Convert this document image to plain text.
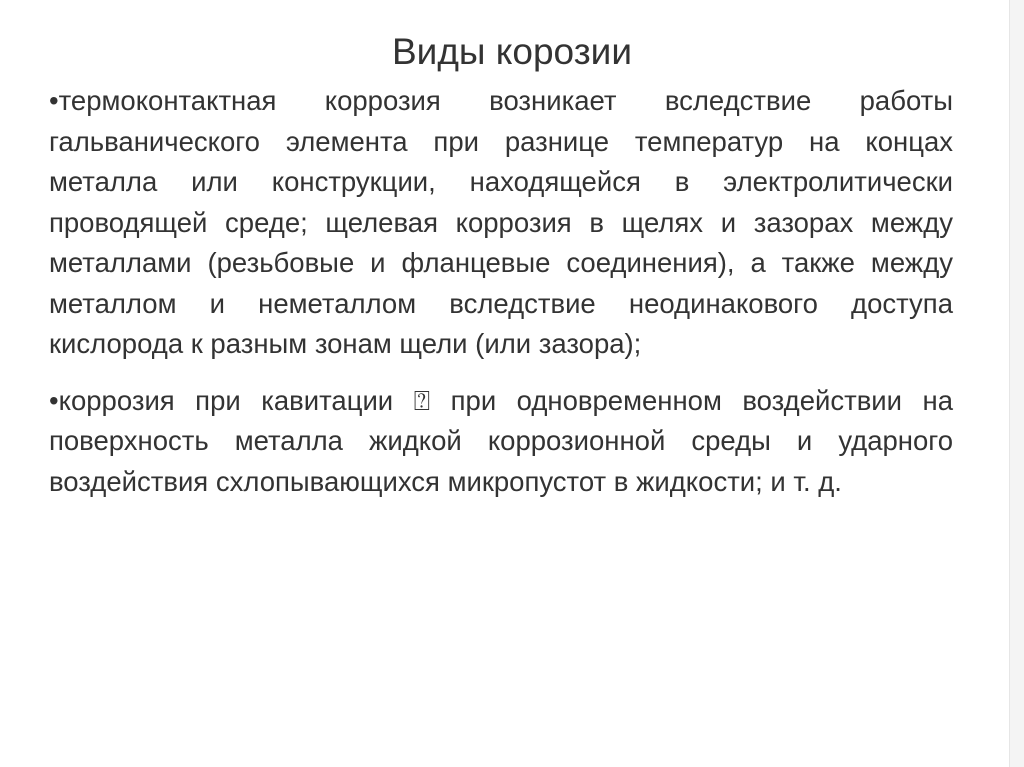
Виды корозии

•термоконтактная коррозия возникает вследствие работы гальванического элемента при разнице температур на концах металла или конструкции, находящейся в электролитически проводящей среде; щелевая коррозия в щелях и зазорах между металлами (резьбовые и фланцевые соединения), а также между металлом и неметаллом вследствие неодинакового доступа кислорода к разным зонам щели (или зазора);

•коррозия при кавитации ⍰ при одновременном воздействии на поверхность металла жидкой коррозионной среды и ударного воздействия схлопывающихся микропустот в жидкости; и т. д.
